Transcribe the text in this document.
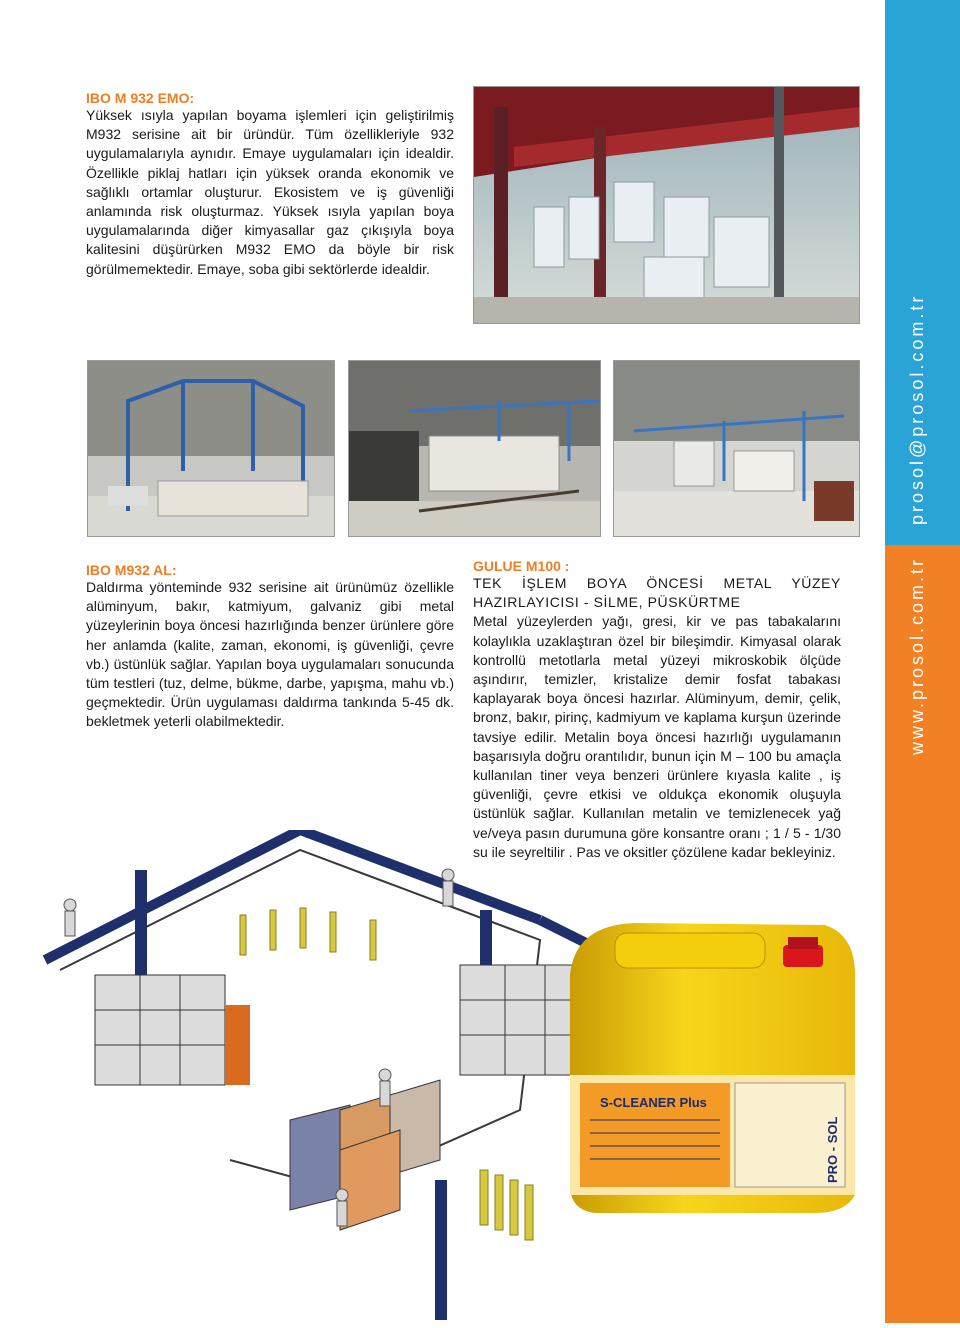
prosol@prosol.com.tr
www.prosol.com.tr
IBO M 932 EMO:

Yüksek ısıyla yapılan boyama işlemleri için geliştirilmiş M932 serisine ait bir üründür. Tüm özellikleriyle 932 uygulamalarıyla aynıdır. Emaye uygulamaları için idealdir. Özellikle piklaj hatları için yüksek oranda ekonomik ve sağlıklı ortamlar oluşturur. Ekosistem ve iş güvenliği anlamında risk oluşturmaz. Yüksek ısıyla yapılan boya uygulamalarında diğer kimyasallar gaz çıkışıyla boya kalitesini düşürürken M932 EMO da böyle bir risk görülmemektedir. Emaye, soba gibi sektörlerde idealdir.

IBO M932 AL:

Daldırma yönteminde 932 serisine ait ürünümüz özellikle alüminyum, bakır, katmiyum, galvaniz gibi metal yüzeylerinin boya öncesi hazırlığında benzer ürünlere göre her anlamda (kalite, zaman, ekonomi, iş güvenliği, çevre vb.) üstünlük sağlar. Yapılan boya uygulamaları sonucunda tüm testleri (tuz, delme, bükme, darbe, yapışma, mahu vb.) geçmektedir. Ürün uygulaması daldırma tankında 5-45 dk. bekletmek yeterli olabilmektedir.

GULUE M100 :
TEK İŞLEM BOYA ÖNCESİ METAL YÜZEY HAZIRLAYICISI - SİLME, PÜSKÜRTME

Metal yüzeylerden yağı, gresi, kir ve pas tabakalarını kolaylıkla uzaklaştıran özel bir bileşimdir. Kimyasal olarak kontrollü metotlarla metal yüzeyi mikroskobik ölçüde aşındırır, temizler, kristalize demir fosfat tabakası kaplayarak boya öncesi hazırlar. Alüminyum, demir, çelik, bronz, bakır, pirinç, kadmiyum ve kaplama kurşun üzerinde tavsiye edilir. Metalin boya öncesi hazırlığı uygulamanın başarısıyla doğru orantılıdır, bunun için M – 100 bu amaçla kullanılan tiner veya benzeri ürünlere kıyasla kalite , iş güvenliği, çevre etkisi ve oldukça ekonomik oluşuyla üstünlük sağlar. Kullanılan metalin ve temizlenecek yağ ve/veya pasın durumuna göre konsantre oranı ; 1 / 5 - 1/30 su ile seyreltilir . Pas ve oksitler çözülene kadar bekleyiniz.

S-CLEANER Plus
PRO - SOL
